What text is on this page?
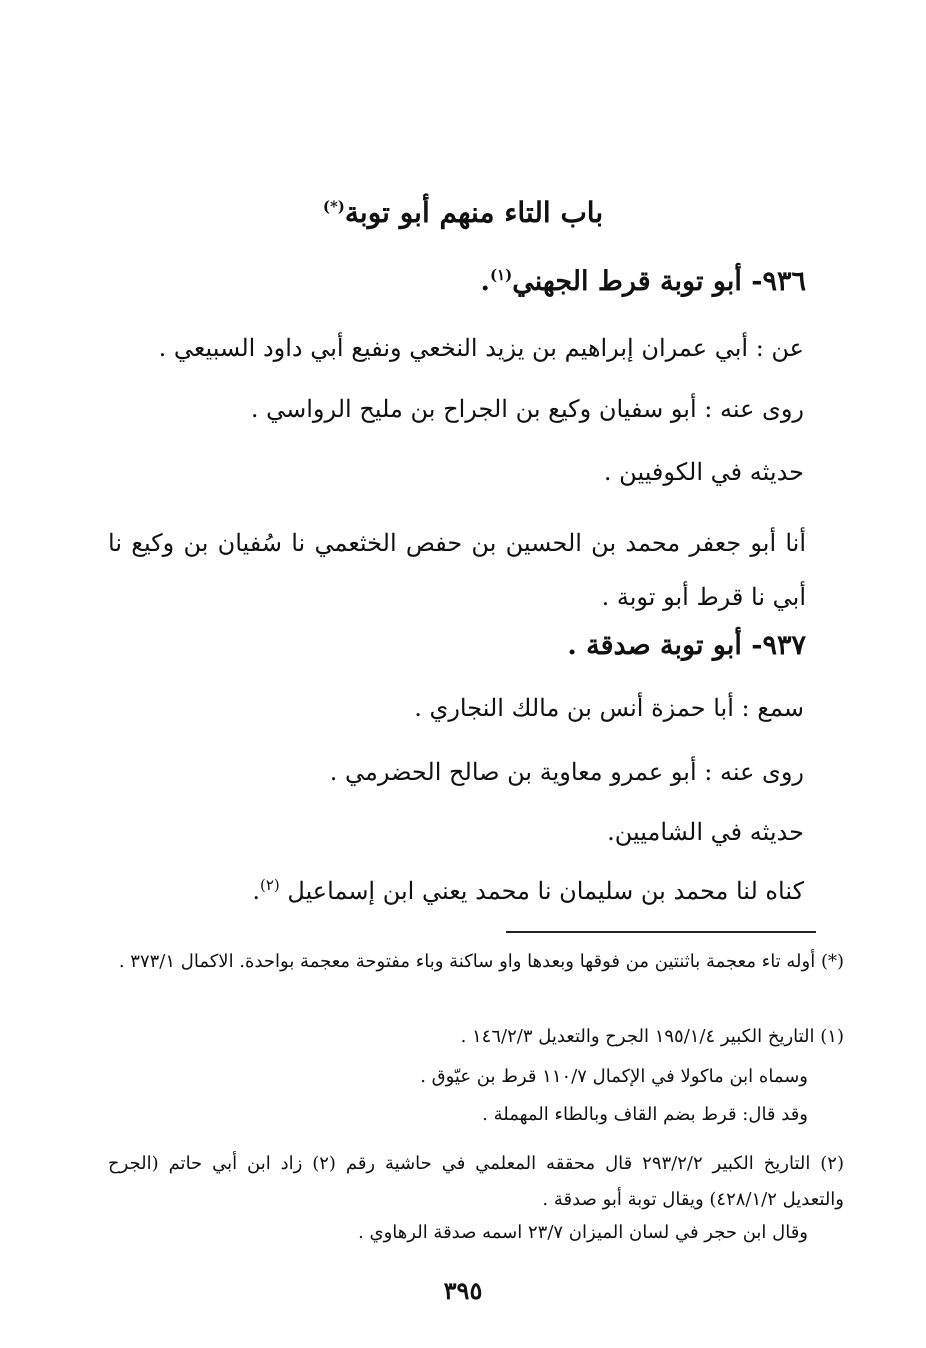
باب التاء منهم أبو توبة(*)
٩٣٦- أبو توبة قرط الجهني$^{(١)}$.
عن : أبي عمران إبراهيم بن يزيد النخعي ونفيع أبي داود السبيعي .
روى عنه : أبو سفيان وكيع بن الجراح بن مليح الرواسي .
حديثه في الكوفيين .
أنا أبو جعفر محمد بن الحسين بن حفص الخثعمي نا سُفيان بن وكيع نا أبي نا قرط أبو توبة .
٩٣٧- أبو توبة صدقة .
سمع : أبا حمزة أنس بن مالك النجاري .
روى عنه : أبو عمرو معاوية بن صالح الحضرمي .
حديثه في الشاميين.
كناه لنا محمد بن سليمان نا محمد يعني ابن إسماعيل $^{(٢)}$.
(*) أوله تاء معجمة باثنتين من فوقها وبعدها واو ساكنة وباء مفتوحة معجمة بواحدة. الاكمال ٣٧٣/١ .
(١) التاريخ الكبير ١٩٥/١/٤ الجرح والتعديل ١٤٦/٢/٣ .
وسماه ابن ماكولا في الإكمال ١١٠/٧ قرط بن عيّوق .
وقد قال: قرط بضم القاف وبالطاء المهملة .
(٢) التاريخ الكبير ٢٩٣/٢/٢ قال محققه المعلمي في حاشية رقم (٢) زاد ابن أبي حاتم (الجرح والتعديل ٤٢٨/١/٢) ويقال توبة أبو صدقة .
وقال ابن حجر في لسان الميزان ٢٣/٧ اسمه صدقة الرهاوي .
٣٩٥
